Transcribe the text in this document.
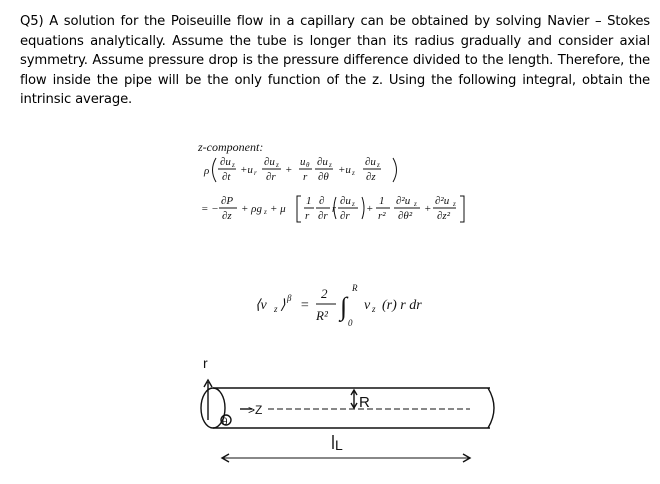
Q5) A solution for the Poiseuille flow in a capillary can be obtained by solving Navier – Stokes equations analytically. Assume the tube is longer than its radius gradually and consider axial symmetry. Assume pressure drop is the pressure difference divided to the length. Therefore, the flow inside the pipe will be the only function of the z. Using the following integral, obtain the intrinsic average.
z-component:
ρ
∂u z
∂t
+u r
∂u z
∂r
+
u θ
r
∂u z
∂θ
+u z
∂u z
∂z
= −
∂P
∂z
+ ρg z + μ
1
r
∂
∂r
∂u z
∂r
+
1
r²
∂²u z
∂θ²
+
∂²u z
∂z²
r
⟨v z ⟩ β =
2
R² ∫
R
0
v z (r) r dr
r
>Z
θ
R
L
